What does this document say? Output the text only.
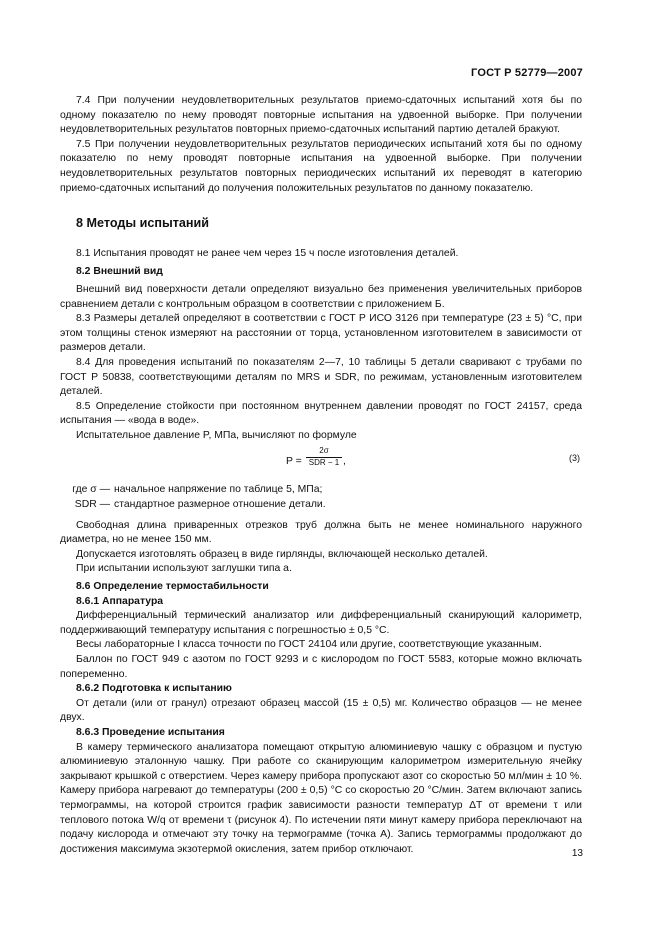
ГОСТ Р 52779—2007

7.4 При получении неудовлетворительных результатов приемо-сдаточных испытаний хотя бы по одному показателю по нему проводят повторные испытания на удвоенной выборке. При получении неудовлетворительных результатов повторных приемо-сдаточных испытаний партию деталей бракуют.

7.5 При получении неудовлетворительных результатов периодических испытаний хотя бы по одному показателю по нему проводят повторные испытания на удвоенной выборке. При получении неудовлетворительных результатов повторных периодических испытаний их переводят в категорию приемо-сдаточных испытаний до получения положительных результатов по данному показателю.

8 Методы испытаний

8.1 Испытания проводят не ранее чем через 15 ч после изготовления деталей.

8.2 Внешний вид

Внешний вид поверхности детали определяют визуально без применения увеличительных приборов сравнением детали с контрольным образцом в соответствии с приложением Б.

8.3 Размеры деталей определяют в соответствии с ГОСТ Р ИСО 3126 при температуре (23 ± 5) °С, при этом толщины стенок измеряют на расстоянии от торца, установленном изготовителем в зависимости от размеров детали.

8.4 Для проведения испытаний по показателям 2—7, 10 таблицы 5 детали сваривают с трубами по ГОСТ Р 50838, соответствующими деталям по MRS и SDR, по режимам, установленным изготовителем деталей.

8.5 Определение стойкости при постоянном внутреннем давлении проводят по ГОСТ 24157, среда испытания — «вода в воде».

Испытательное давление P, МПа, вычисляют по формуле

P =
2σ
SDR − 1 ,	(3)
где σ — начальное напряжение по таблице 5, МПа;
SDR — стандартное размерное отношение детали.

Свободная длина приваренных отрезков труб должна быть не менее номинального наружного диаметра, но не менее 150 мм.

Допускается изготовлять образец в виде гирлянды, включающей несколько деталей.

При испытании используют заглушки типа а.

8.6 Определение термостабильности

8.6.1 Аппаратура

Дифференциальный термический анализатор или дифференциальный сканирующий калориметр, поддерживающий температуру испытания с погрешностью ± 0,5 °С.

Весы лабораторные I класса точности по ГОСТ 24104 или другие, соответствующие указанным.

Баллон по ГОСТ 949 с азотом по ГОСТ 9293 и с кислородом по ГОСТ 5583, которые можно включать попеременно.

8.6.2 Подготовка к испытанию

От детали (или от гранул) отрезают образец массой (15 ± 0,5) мг. Количество образцов — не менее двух.

8.6.3 Проведение испытания

В камеру термического анализатора помещают открытую алюминиевую чашку с образцом и пустую алюминиевую эталонную чашку. При работе со сканирующим калориметром измерительную ячейку закрывают крышкой с отверстием. Через камеру прибора пропускают азот со скоростью 50 мл/мин ± 10 %. Камеру прибора нагревают до температуры (200 ± 0,5) °С со скоростью 20 °С/мин. Затем включают запись термограммы, на которой строится график зависимости разности температур ΔT от времени τ или теплового потока W/q от времени τ (рисунок 4). По истечении пяти минут камеру прибора переключают на подачу кислорода и отмечают эту точку на термограмме (точка A). Запись термограммы продолжают до достижения максимума экзотермой окисления, затем прибор отключают.	13
